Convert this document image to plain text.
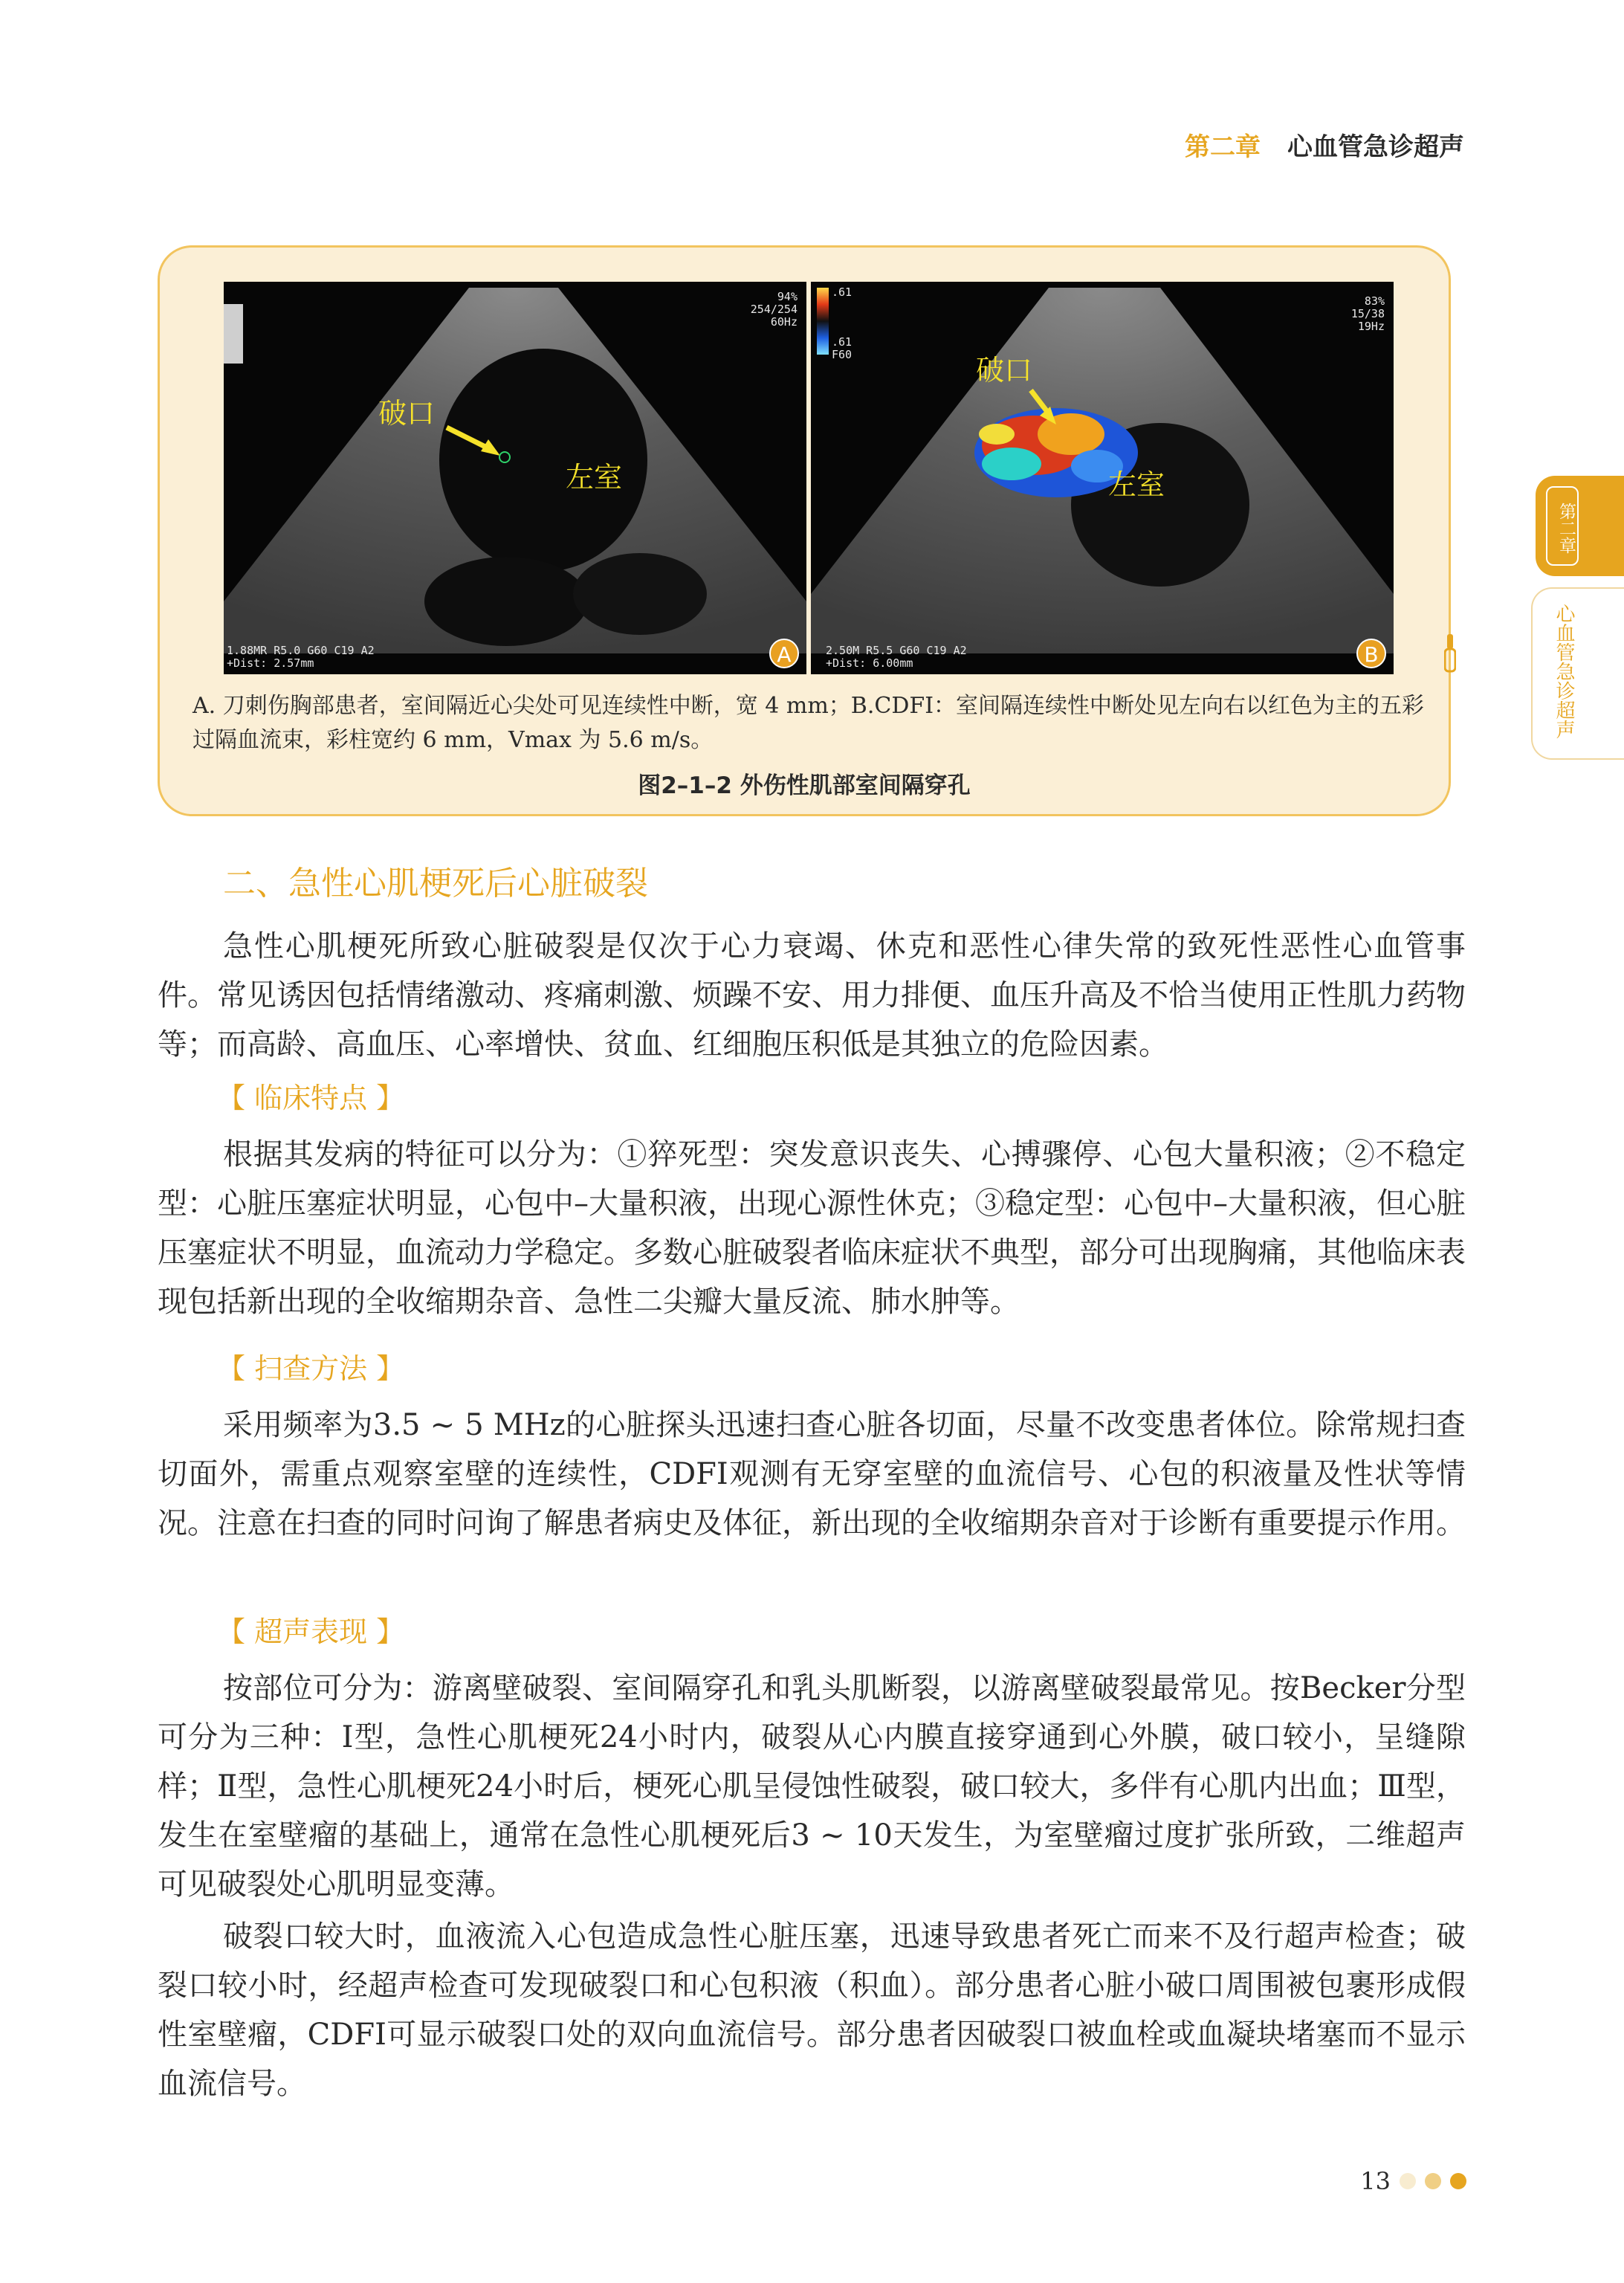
第二章 心血管急诊超声
破口
左室
94%
254/254
60Hz
1.88MR R5.0 G60 C19 A2
+Dist: 2.57mm	A
破口
左室
.61
.61
F60
83%
15/38
19Hz
2.50M R5.5 G60 C19 A2
+Dist: 6.00mm	B
A. 刀刺伤胸部患者，室间隔近心尖处可见连续性中断，宽 4 mm；B.CDFI：室间隔连续性中断处见左向右以红色为主的五彩过隔血流束，彩柱宽约 6 mm，Vmax 为 5.6 m/s。
图2–1–2 外伤性肌部室间隔穿孔
第二章
心血管急诊超声
二、急性心肌梗死后心脏破裂
急性心肌梗死所致心脏破裂是仅次于心力衰竭、休克和恶性心律失常的致死性恶性心血管事件。常见诱因包括情绪激动、疼痛刺激、烦躁不安、用力排便、血压升高及不恰当使用正性肌力药物等；而高龄、高血压、心率增快、贫血、红细胞压积低是其独立的危险因素。
【 临床特点 】
根据其发病的特征可以分为：①猝死型：突发意识丧失、心搏骤停、心包大量积液；②不稳定型：心脏压塞症状明显，心包中–大量积液，出现心源性休克；③稳定型：心包中–大量积液，但心脏压塞症状不明显，血流动力学稳定。多数心脏破裂者临床症状不典型，部分可出现胸痛，其他临床表现包括新出现的全收缩期杂音、急性二尖瓣大量反流、肺水肿等。
【 扫查方法 】
采用频率为3.5 ~ 5 MHz的心脏探头迅速扫查心脏各切面，尽量不改变患者体位。除常规扫查切面外，需重点观察室壁的连续性，CDFI观测有无穿室壁的血流信号、心包的积液量及性状等情况。注意在扫查的同时问询了解患者病史及体征，新出现的全收缩期杂音对于诊断有重要提示作用。
【 超声表现 】
按部位可分为：游离壁破裂、室间隔穿孔和乳头肌断裂，以游离壁破裂最常见。按Becker分型可分为三种：Ⅰ型，急性心肌梗死24小时内，破裂从心内膜直接穿通到心外膜，破口较小，呈缝隙样；Ⅱ型，急性心肌梗死24小时后，梗死心肌呈侵蚀性破裂，破口较大，多伴有心肌内出血；Ⅲ型，发生在室壁瘤的基础上，通常在急性心肌梗死后3 ~ 10天发生，为室壁瘤过度扩张所致，二维超声可见破裂处心肌明显变薄。
破裂口较大时，血液流入心包造成急性心脏压塞，迅速导致患者死亡而来不及行超声检查；破裂口较小时，经超声检查可发现破裂口和心包积液（积血）。部分患者心脏小破口周围被包裹形成假性室壁瘤，CDFI可显示破裂口处的双向血流信号。部分患者因破裂口被血栓或血凝块堵塞而不显示血流信号。
13
